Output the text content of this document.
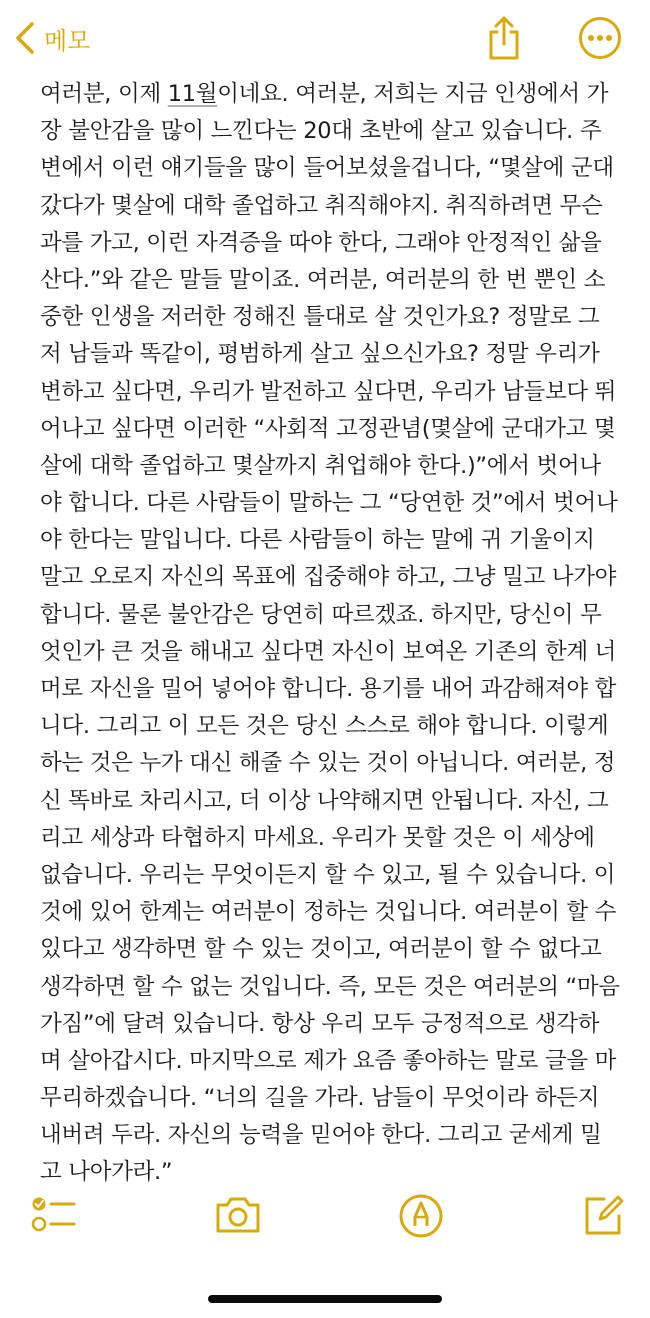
메모
여러분, 이제 11월이네요. 여러분, 저희는 지금 인생에서 가
장 불안감을 많이 느낀다는 20대 초반에 살고 있습니다. 주
변에서 이런 얘기들을 많이 들어보셨을겁니다, “몇살에 군대
갔다가 몇살에 대학 졸업하고 취직해야지. 취직하려면 무슨
과를 가고, 이런 자격증을 따야 한다, 그래야 안정적인 삶을
산다.”와 같은 말들 말이죠. 여러분, 여러분의 한 번 뿐인 소
중한 인생을 저러한 정해진 틀대로 살 것인가요? 정말로 그
저 남들과 똑같이, 평범하게 살고 싶으신가요? 정말 우리가
변하고 싶다면, 우리가 발전하고 싶다면, 우리가 남들보다 뛰
어나고 싶다면 이러한 “사회적 고정관념(몇살에 군대가고 몇
살에 대학 졸업하고 몇살까지 취업해야 한다.)”에서 벗어나
야 합니다. 다른 사람들이 말하는 그 “당연한 것”에서 벗어나
야 한다는 말입니다. 다른 사람들이 하는 말에 귀 기울이지
말고 오로지 자신의 목표에 집중해야 하고, 그냥 밀고 나가야
합니다. 물론 불안감은 당연히 따르겠죠. 하지만, 당신이 무
엇인가 큰 것을 해내고 싶다면 자신이 보여온 기존의 한계 너
머로 자신을 밀어 넣어야 합니다. 용기를 내어 과감해져야 합
니다. 그리고 이 모든 것은 당신 스스로 해야 합니다. 이렇게
하는 것은 누가 대신 해줄 수 있는 것이 아닙니다. 여러분, 정
신 똑바로 차리시고, 더 이상 나약해지면 안됩니다. 자신, 그
리고 세상과 타협하지 마세요. 우리가 못할 것은 이 세상에
없습니다. 우리는 무엇이든지 할 수 있고, 될 수 있습니다. 이
것에 있어 한계는 여러분이 정하는 것입니다. 여러분이 할 수
있다고 생각하면 할 수 있는 것이고, 여러분이 할 수 없다고
생각하면 할 수 없는 것입니다. 즉, 모든 것은 여러분의 “마음
가짐”에 달려 있습니다. 항상 우리 모두 긍정적으로 생각하
며 살아갑시다. 마지막으로 제가 요즘 좋아하는 말로 글을 마
무리하겠습니다. “너의 길을 가라. 남들이 무엇이라 하든지
내버려 두라. 자신의 능력을 믿어야 한다. 그리고 굳세게 밀
고 나아가라.”
